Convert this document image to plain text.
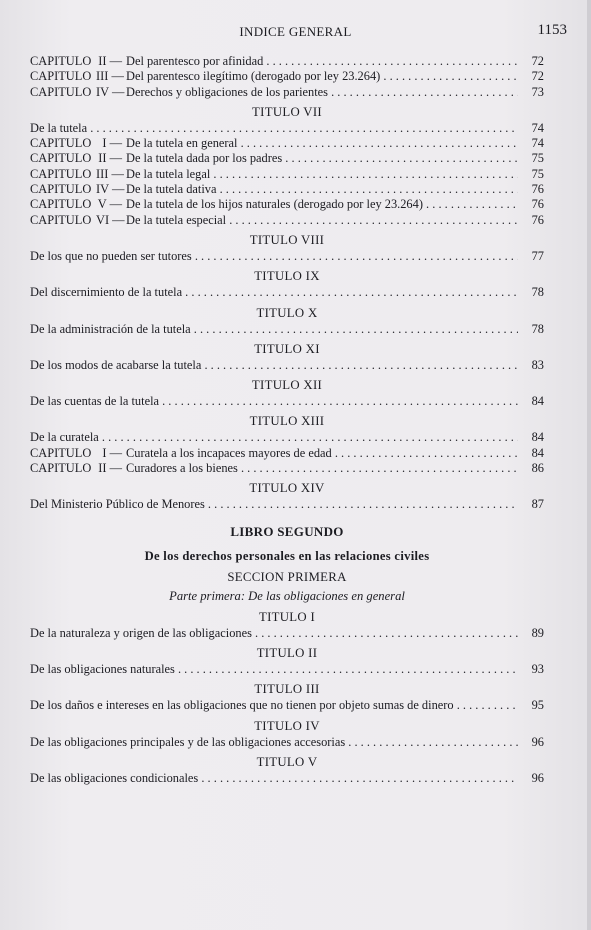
INDICE GENERAL	1153
CAPITULO II — Del parentesco por afinidad . . .	72
CAPITULO III — Del parentesco ilegítimo (derogado por ley 23.264) . . .	72
CAPITULO IV — Derechos y obligaciones de los parientes . . .	73
TITULO VII
De la tutela . . .	74
CAPITULO I — De la tutela en general . . .	74
CAPITULO II — De la tutela dada por los padres . . .	75
CAPITULO III — De la tutela legal . . .	75
CAPITULO IV — De la tutela dativa . . .	76
CAPITULO V — De la tutela de los hijos naturales (derogado por ley 23.264) . . .	76
CAPITULO VI — De la tutela especial . . .	76
TITULO VIII
De los que no pueden ser tutores . . .	77
TITULO IX
Del discernimiento de la tutela . . .	78
TITULO X
De la administración de la tutela . . .	78
TITULO XI
De los modos de acabarse la tutela . . .	83
TITULO XII
De las cuentas de la tutela . . .	84
TITULO XIII
De la curatela . . .	84
CAPITULO I — Curatela a los incapaces mayores de edad . . .	84
CAPITULO II — Curadores a los bienes . . .	86
TITULO XIV
Del Ministerio Público de Menores . . .	87
LIBRO SEGUNDO
De los derechos personales en las relaciones civiles
SECCION PRIMERA
Parte primera: De las obligaciones en general
TITULO I
De la naturaleza y origen de las obligaciones . . .	89
TITULO II
De las obligaciones naturales . . .	93
TITULO III
De los daños e intereses en las obligaciones que no tienen por objeto sumas de dinero . . .	95
TITULO IV
De las obligaciones principales y de las obligaciones accesorias . . .	96
TITULO V
De las obligaciones condicionales . . .	96
